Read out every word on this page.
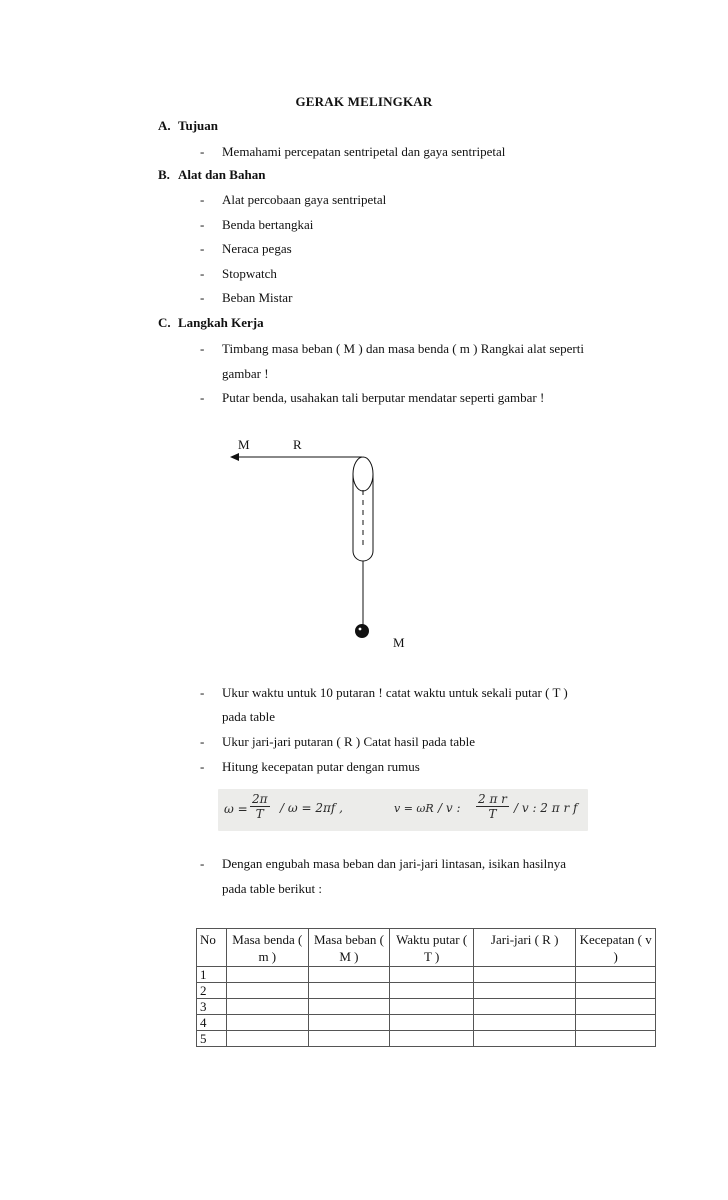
GERAK MELINGKAR
A. Tujuan
- Memahami percepatan sentripetal dan gaya sentripetal
B. Alat dan Bahan
- Alat percobaan gaya sentripetal
- Benda bertangkai
- Neraca pegas
- Stopwatch
- Beban Mistar
C. Langkah Kerja
- Timbang masa beban ( M ) dan masa benda ( m ) Rangkai alat seperti
gambar !
- Putar benda, usahakan tali berputar mendatar seperti gambar !
M	R
M
- Ukur waktu untuk 10 putaran ! catat waktu untuk sekali putar ( T )
pada table
- Ukur jari-jari putaran ( R ) Catat hasil pada table
- Hitung kecepatan putar dengan rumus
$\omega = \frac{2\pi}{T} / \omega = 2\pi f$ ,	v = ωR / v : $\frac{\text{2 π r}}{T}$ / v : 2 π r f
- Dengan engubah masa beban dan jari-jari lintasan, isikan hasilnya
pada table berikut :
No	Masa benda ( m )	Masa beban ( M )	Waktu putar ( T )	Jari-jari ( R )	Kecepatan ( v )
1					
2					
3					
4					
5					
